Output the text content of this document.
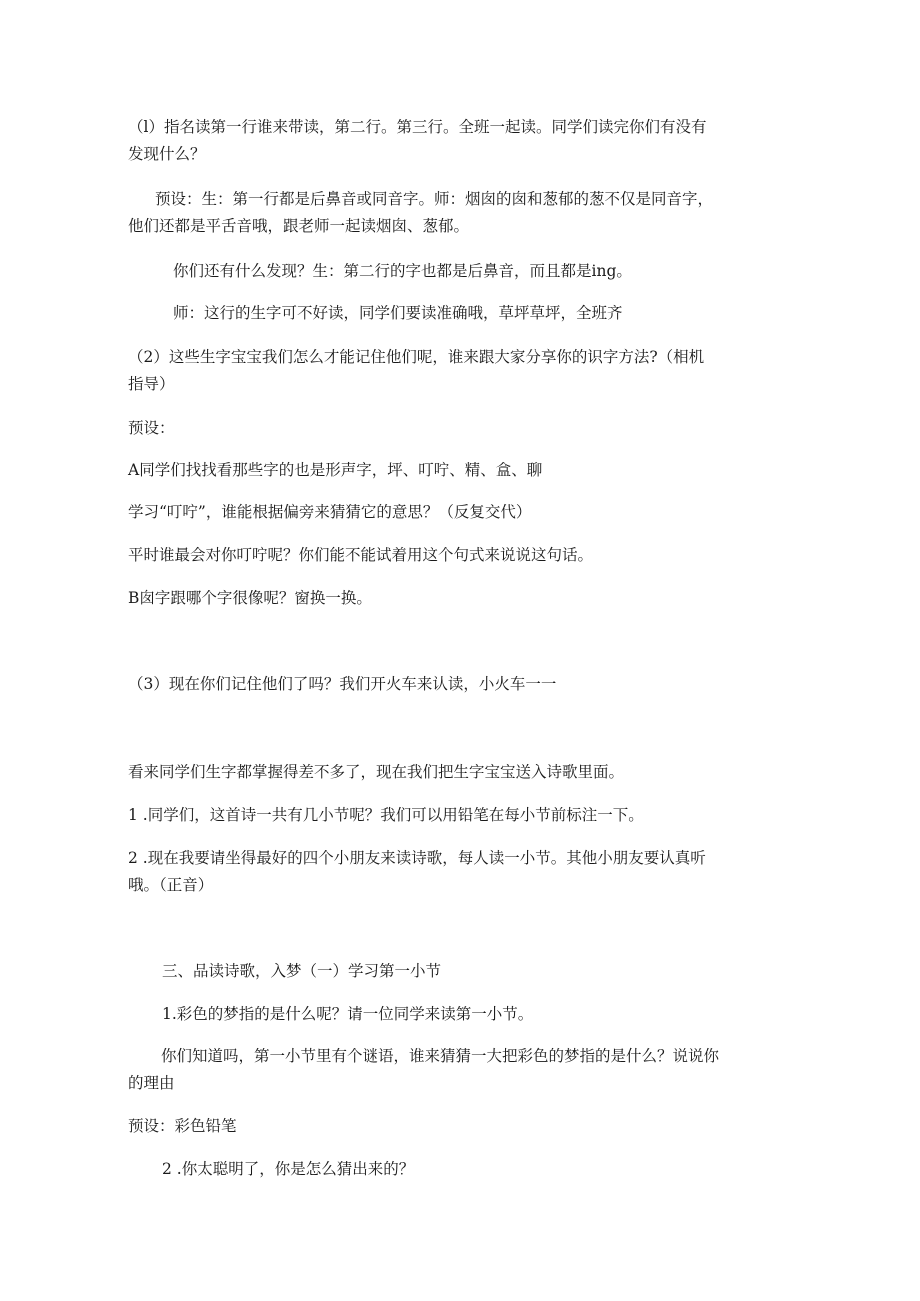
（l）指名读第一行谁来带读，第二行。第三行。全班一起读。同学们读完你们有没有
发现什么？
预设：生：第一行都是后鼻音或同音字。师：烟囱的囱和葱郁的葱不仅是同音字，
他们还都是平舌音哦，跟老师一起读烟囱、葱郁。
你们还有什么发现？生：第二行的字也都是后鼻音，而且都是ing。
师：这行的生字可不好读，同学们要读准确哦，草坪草坪，全班齐
（2）这些生字宝宝我们怎么才能记住他们呢，谁来跟大家分享你的识字方法?（相机
指导）
预设：
A同学们找找看那些字的也是形声字，坪、叮咛、精、盒、聊
学习“叮咛”，谁能根据偏旁来猜猜它的意思？（反复交代）
平时谁最会对你叮咛呢？你们能不能试着用这个句式来说说这句话。
B囱字跟哪个字很像呢？窗换一换。
（3）现在你们记住他们了吗？我们开火车来认读，小火车一一
看来同学们生字都掌握得差不多了，现在我们把生字宝宝送入诗歌里面。
1 .同学们，这首诗一共有几小节呢？我们可以用铅笔在每小节前标注一下。
2 .现在我要请坐得最好的四个小朋友来读诗歌，每人读一小节。其他小朋友要认真听
哦。（正音）
三、品读诗歌，入梦（一）学习第一小节
1.彩色的梦指的是什么呢？请一位同学来读第一小节。
你们知道吗，第一小节里有个谜语，谁来猜猜一大把彩色的梦指的是什么？说说你
的理由
预设：彩色铅笔
2 .你太聪明了，你是怎么猜出来的？
